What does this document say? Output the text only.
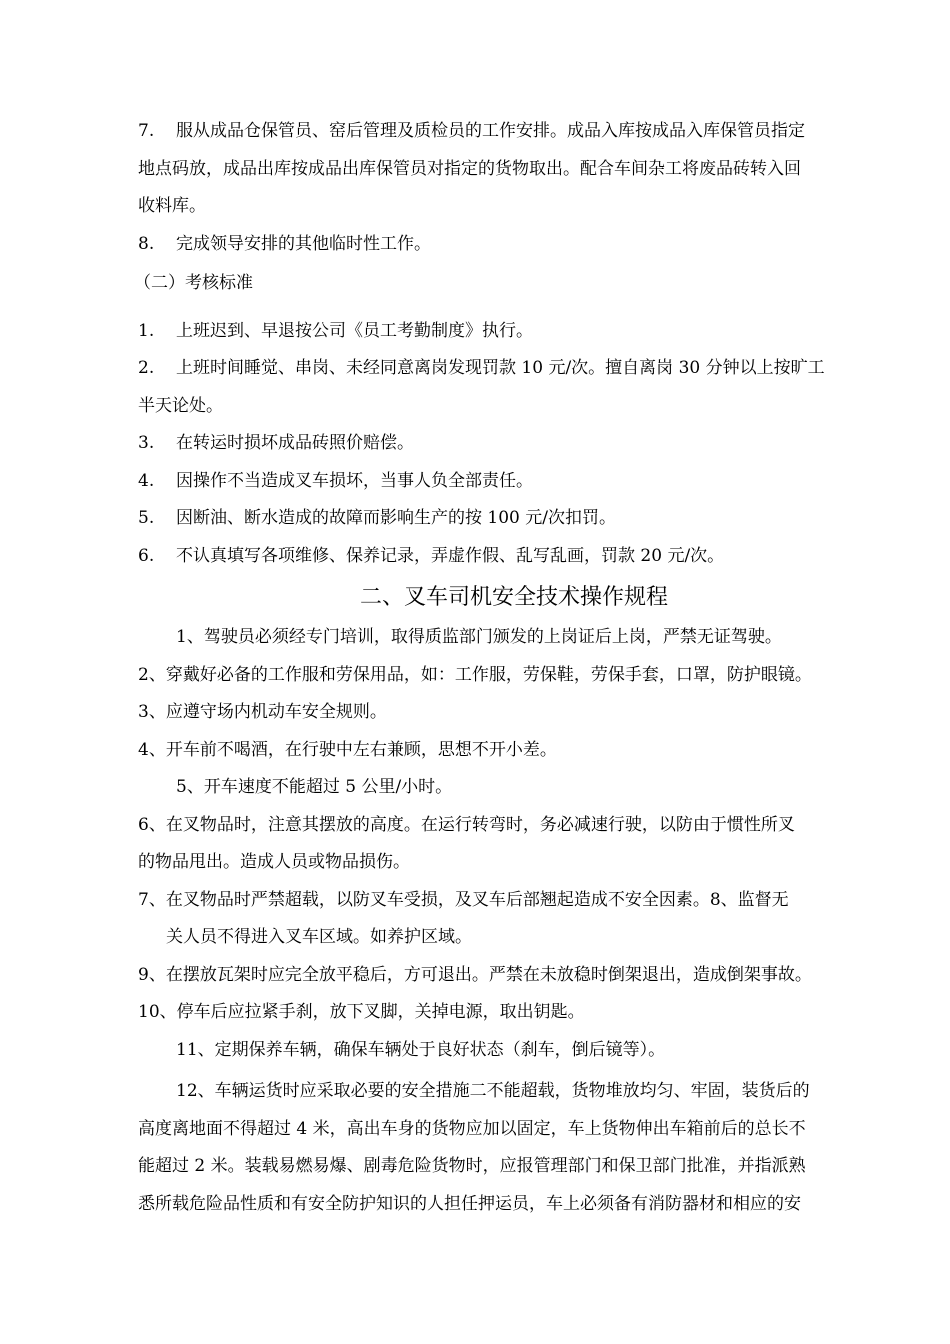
7.	服从成品仓保管员、窑后管理及质检员的工作安排。成品入库按成品入库保管员指定
地点码放，成品出库按成品出库保管员对指定的货物取出。配合车间杂工将废品砖转入回
收料库。
8.	完成领导安排的其他临时性工作。
（二）考核标准
1.	上班迟到、早退按公司《员工考勤制度》执行。
2.	上班时间睡觉、串岗、未经同意离岗发现罚款 10 元/次。擅自离岗 30 分钟以上按旷工
半天论处。
3.	在转运时损坏成品砖照价赔偿。
4.	因操作不当造成叉车损坏，当事人负全部责任。
5.	因断油、断水造成的故障而影响生产的按 100 元/次扣罚。
6.	不认真填写各项维修、保养记录，弄虚作假、乱写乱画，罚款 20 元/次。
二、叉车司机安全技术操作规程
1、驾驶员必须经专门培训，取得质监部门颁发的上岗证后上岗，严禁无证驾驶。
2、穿戴好必备的工作服和劳保用品，如：工作服，劳保鞋，劳保手套，口罩，防护眼镜。
3、应遵守场内机动车安全规则。
4、开车前不喝酒，在行驶中左右兼顾，思想不开小差。
5、开车速度不能超过 5 公里/小时。
6、在叉物品时，注意其摆放的高度。在运行转弯时，务必减速行驶，以防由于惯性所叉
的物品甩出。造成人员或物品损伤。
7、在叉物品时严禁超载，以防叉车受损，及叉车后部翘起造成不安全因素。8、监督无
关人员不得进入叉车区域。如养护区域。
9、在摆放瓦架时应完全放平稳后，方可退出。严禁在未放稳时倒架退出，造成倒架事故。
10、停车后应拉紧手刹，放下叉脚，关掉电源，取出钥匙。
11、定期保养车辆，确保车辆处于良好状态（刹车，倒后镜等）。
12、车辆运货时应采取必要的安全措施二不能超载，货物堆放均匀、牢固，装货后的
高度离地面不得超过 4 米，高出车身的货物应加以固定，车上货物伸出车箱前后的总长不
能超过 2 米。装载易燃易爆、剧毒危险货物时，应报管理部门和保卫部门批准，并指派熟
悉所载危险品性质和有安全防护知识的人担任押运员，车上必须备有消防器材和相应的安
